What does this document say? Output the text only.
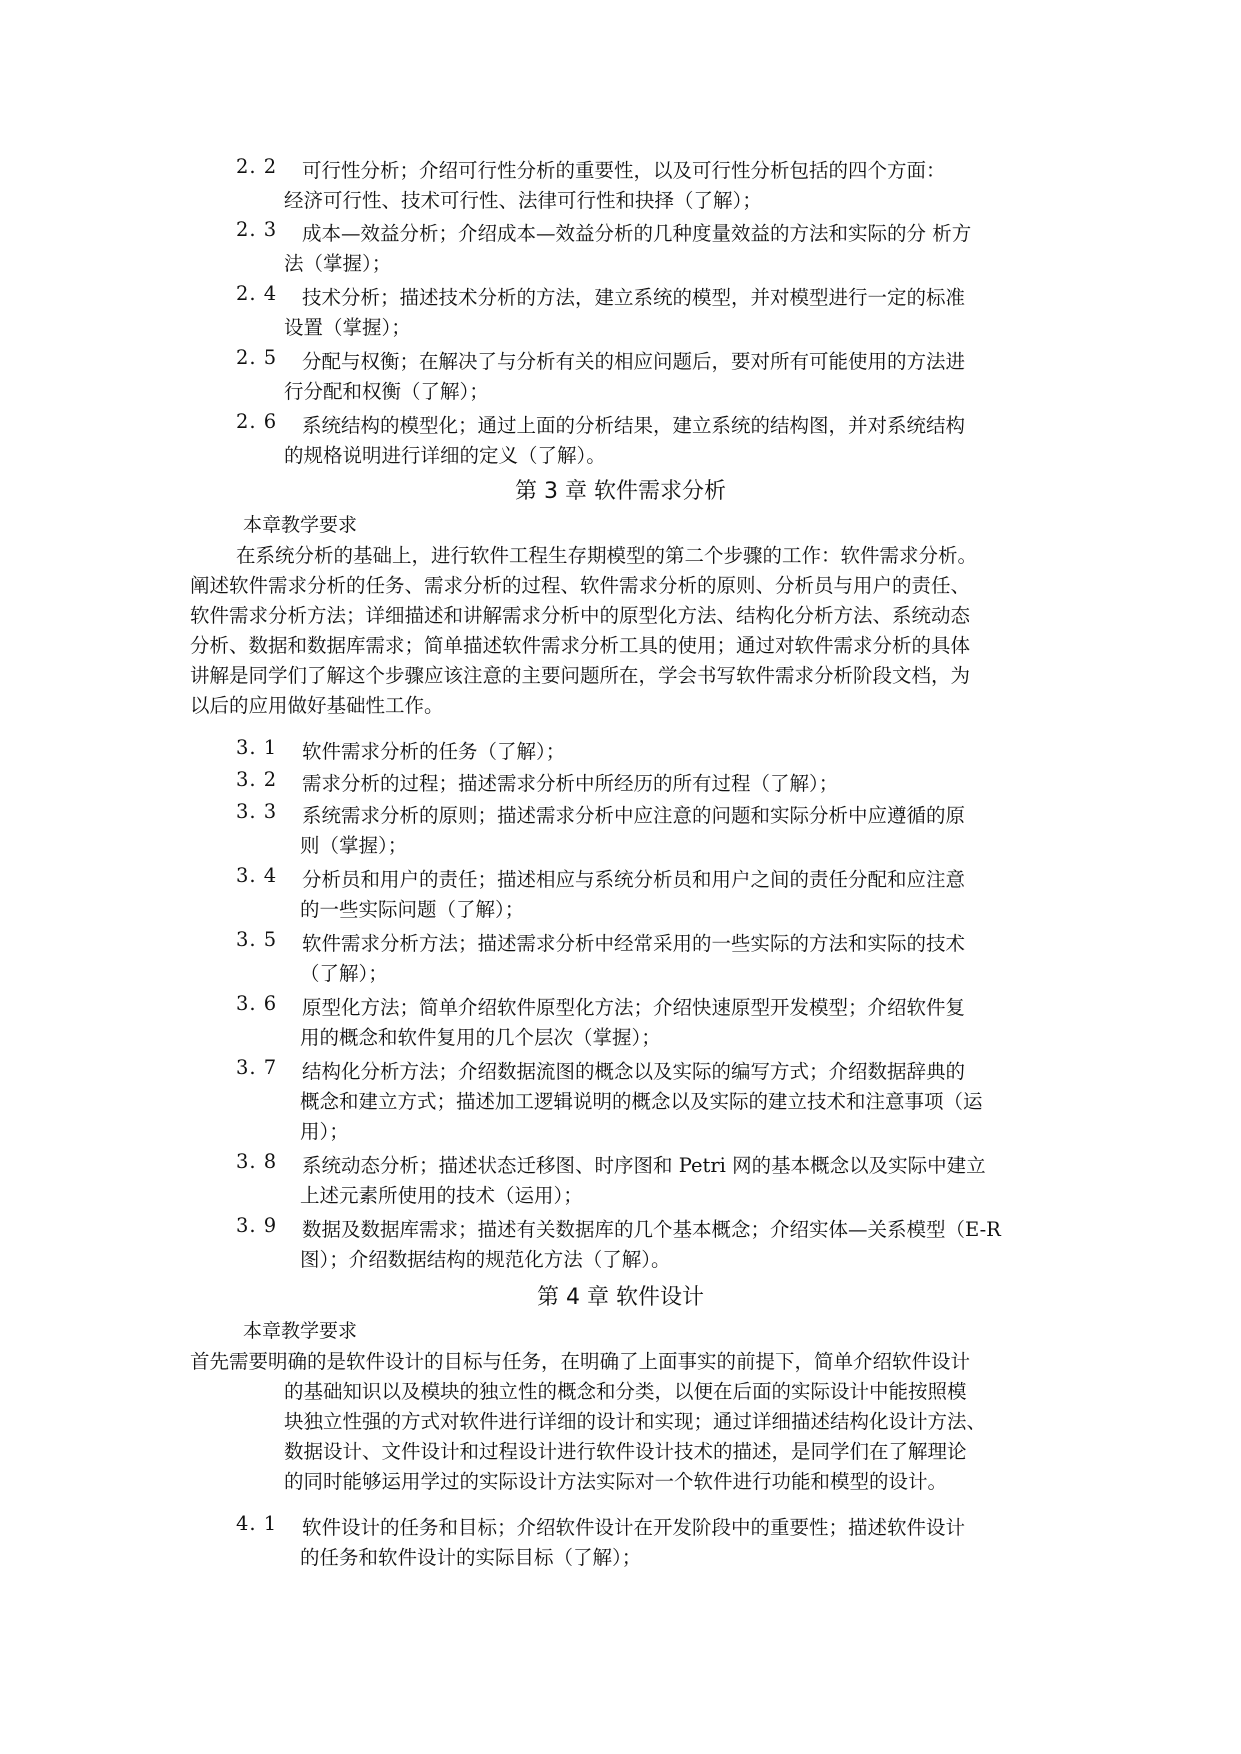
2. 2	可行性分析；介绍可行性分析的重要性，以及可行性分析包括的四个方面：
经济可行性、技术可行性、法律可行性和抉择（了解）；
2. 3	成本—效益分析；介绍成本—效益分析的几种度量效益的方法和实际的分 析方
法（掌握）；
2. 4	技术分析；描述技术分析的方法，建立系统的模型，并对模型进行一定的标准
设置（掌握）；
2. 5	分配与权衡；在解决了与分析有关的相应问题后，要对所有可能使用的方法进
行分配和权衡（了解）；
2. 6	系统结构的模型化；通过上面的分析结果，建立系统的结构图，并对系统结构
的规格说明进行详细的定义（了解）。
第 3 章 软件需求分析
本章教学要求
在系统分析的基础上，进行软件工程生存期模型的第二个步骤的工作：软件需求分析。
阐述软件需求分析的任务、需求分析的过程、软件需求分析的原则、分析员与用户的责任、
软件需求分析方法；详细描述和讲解需求分析中的原型化方法、结构化分析方法、系统动态
分析、数据和数据库需求；简单描述软件需求分析工具的使用；通过对软件需求分析的具体
讲解是同学们了解这个步骤应该注意的主要问题所在，学会书写软件需求分析阶段文档，为
以后的应用做好基础性工作。
3. 1	软件需求分析的任务（了解）；
3. 2	需求分析的过程；描述需求分析中所经历的所有过程（了解）；
3. 3	系统需求分析的原则；描述需求分析中应注意的问题和实际分析中应遵循的原
则（掌握）；
3. 4	分析员和用户的责任；描述相应与系统分析员和用户之间的责任分配和应注意
的一些实际问题（了解）；
3. 5	软件需求分析方法；描述需求分析中经常采用的一些实际的方法和实际的技术
（了解）；
3. 6	原型化方法；简单介绍软件原型化方法；介绍快速原型开发模型；介绍软件复
用的概念和软件复用的几个层次（掌握）；
3. 7	结构化分析方法；介绍数据流图的概念以及实际的编写方式；介绍数据辞典的
概念和建立方式；描述加工逻辑说明的概念以及实际的建立技术和注意事项（运
用）；
3. 8	系统动态分析；描述状态迁移图、时序图和 Petri 网的基本概念以及实际中建立
上述元素所使用的技术（运用）；
3. 9	数据及数据库需求；描述有关数据库的几个基本概念；介绍实体—关系模型（E-R
图）；介绍数据结构的规范化方法（了解）。
第 4 章 软件设计
本章教学要求
首先需要明确的是软件设计的目标与任务，在明确了上面事实的前提下，简单介绍软件设计
的基础知识以及模块的独立性的概念和分类，以便在后面的实际设计中能按照模
块独立性强的方式对软件进行详细的设计和实现；通过详细描述结构化设计方法、
数据设计、文件设计和过程设计进行软件设计技术的描述，是同学们在了解理论
的同时能够运用学过的实际设计方法实际对一个软件进行功能和模型的设计。
4. 1	软件设计的任务和目标；介绍软件设计在开发阶段中的重要性；描述软件设计
的任务和软件设计的实际目标（了解）；
